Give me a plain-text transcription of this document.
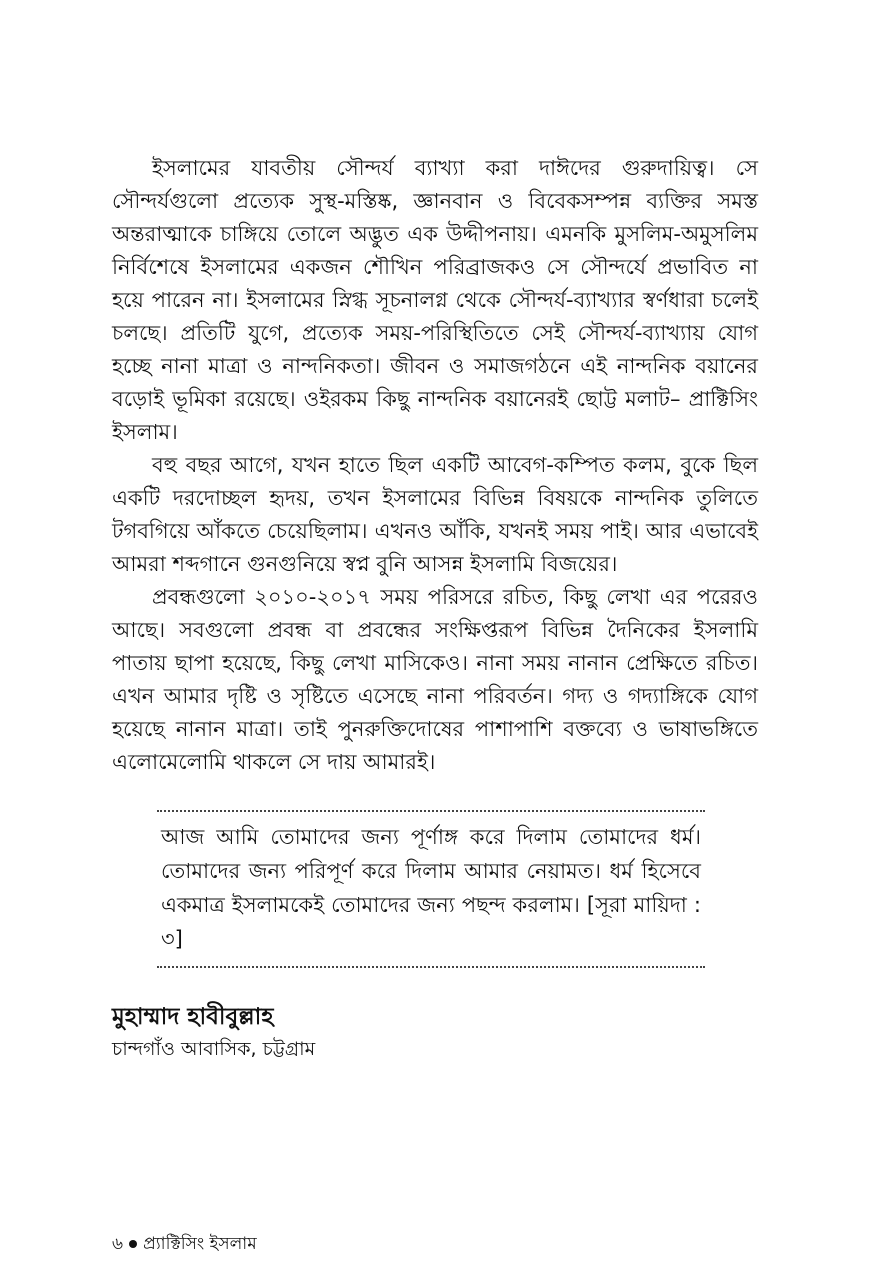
ইসলামের যাবতীয় সৌন্দর্য ব্যাখ্যা করা দাঈদের গুরুদায়িত্ব। সে সৌন্দর্যগুলো প্রত্যেক সুস্থ-মস্তিষ্ক, জ্ঞানবান ও বিবেকসম্পন্ন ব্যক্তির সমস্ত অন্তরাত্মাকে চাঙ্গিয়ে তোলে অদ্ভুত এক উদ্দীপনায়। এমনকি মুসলিম-অমুসলিম নির্বিশেষে ইসলামের একজন শৌখিন পরিব্রাজকও সে সৌন্দর্যে প্রভাবিত না হয়ে পারেন না। ইসলামের স্নিগ্ধ সূচনালগ্ন থেকে সৌন্দর্য-ব্যাখ্যার স্বর্ণধারা চলেই চলছে। প্রতিটি যুগে, প্রত্যেক সময়-পরিস্থিতিতে সেই সৌন্দর্য-ব্যাখ্যায় যোগ হচ্ছে নানা মাত্রা ও নান্দনিকতা। জীবন ও সমাজগঠনে এই নান্দনিক বয়ানের বড়োই ভূমিকা রয়েছে। ওইরকম কিছু নান্দনিক বয়ানেরই ছোট্ট মলাট– প্রাক্টিসিং ইসলাম।

বহু বছর আগে, যখন হাতে ছিল একটি আবেগ-কম্পিত কলম, বুকে ছিল একটি দরদোচ্ছল হৃদয়, তখন ইসলামের বিভিন্ন বিষয়কে নান্দনিক তুলিতে টগবগিয়ে আঁকতে চেয়েছিলাম। এখনও আঁকি, যখনই সময় পাই। আর এভাবেই আমরা শব্দগানে গুনগুনিয়ে স্বপ্ন বুনি আসন্ন ইসলামি বিজয়ের।

প্রবন্ধগুলো ২০১০-২০১৭ সময় পরিসরে রচিত, কিছু লেখা এর পরেরও আছে। সবগুলো প্রবন্ধ বা প্রবন্ধের সংক্ষিপ্তরূপ বিভিন্ন দৈনিকের ইসলামি পাতায় ছাপা হয়েছে, কিছু লেখা মাসিকেও। নানা সময় নানান প্রেক্ষিতে রচিত। এখন আমার দৃষ্টি ও সৃষ্টিতে এসেছে নানা পরিবর্তন। গদ্য ও গদ্যাঙ্গিকে যোগ হয়েছে নানান মাত্রা। তাই পুনরুক্তিদোষের পাশাপাশি বক্তব্যে ও ভাষাভঙ্গিতে এলোমেলোমি থাকলে সে দায় আমারই।

আজ আমি তোমাদের জন্য পূর্ণাঙ্গ করে দিলাম তোমাদের ধর্ম। তোমাদের জন্য পরিপূর্ণ করে দিলাম আমার নেয়ামত। ধর্ম হিসেবে একমাত্র ইসলামকেই তোমাদের জন্য পছন্দ করলাম। [সূরা মায়িদা : ৩]
মুহাম্মাদ হাবীবুল্লাহ
চান্দগাঁও আবাসিক, চট্টগ্রাম
৬ প্র্যাক্টিসিং ইসলাম
